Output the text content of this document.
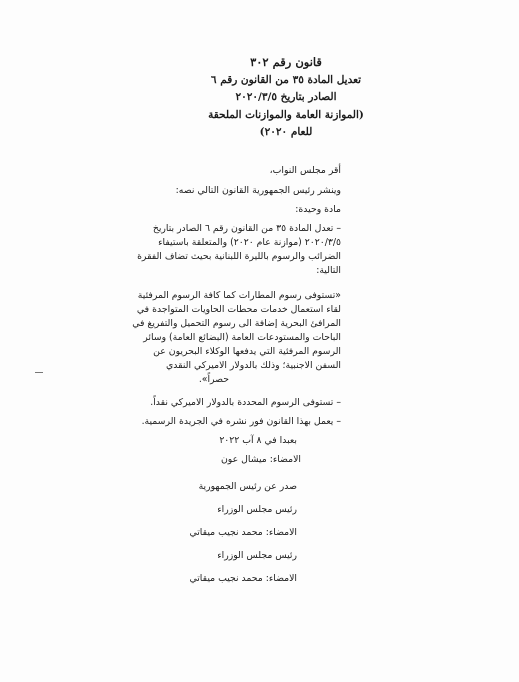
قانون رقم ٣٠٢
تعديل المادة ٣٥ من القانون رقم ٦
الصادر بتاريخ ٢٠٢٠/٣/٥
(الموازنة العامة والموازنات الملحقة
للعام ٢٠٢٠)
أقر مجلس النواب،
وينشر رئيس الجمهورية القانون التالي نصه:
مادة وحيدة:
– تعدل المادة ٣٥ من القانون رقم ٦ الصادر بتاريخ
٢٠٢٠/٣/٥ (موازنة عام ٢٠٢٠) والمتعلقة باستيفاء
الضرائب والرسوم بالليرة اللبنانية بحيث تضاف الفقرة
التالية:
«تستوفى رسوم المطارات كما كافة الرسوم المرفئية
لقاء استعمال خدمات محطات الحاويات المتواجدة في
المرافئ البحرية إضافة الى رسوم التحميل والتفريغ في
الباحات والمستودعات العامة (البضائع العامة) وسائر
الرسوم المرفئية التي يدفعها الوكلاء البحريون عن
السفن الاجنبية؛ وذلك بالدولار الاميركي النقدي
حصراً».
– تستوفى الرسوم المحددة بالدولار الاميركي نقداً.
– يعمل بهذا القانون فور نشره في الجريدة الرسمية.
بعبدا في ٨ آب ٢٠٢٢
الامضاء: ميشال عون
صدر عن رئيس الجمهورية
رئيس مجلس الوزراء
الامضاء: محمد نجيب ميقاتي
رئيس مجلس الوزراء
الامضاء: محمد نجيب ميقاتي
